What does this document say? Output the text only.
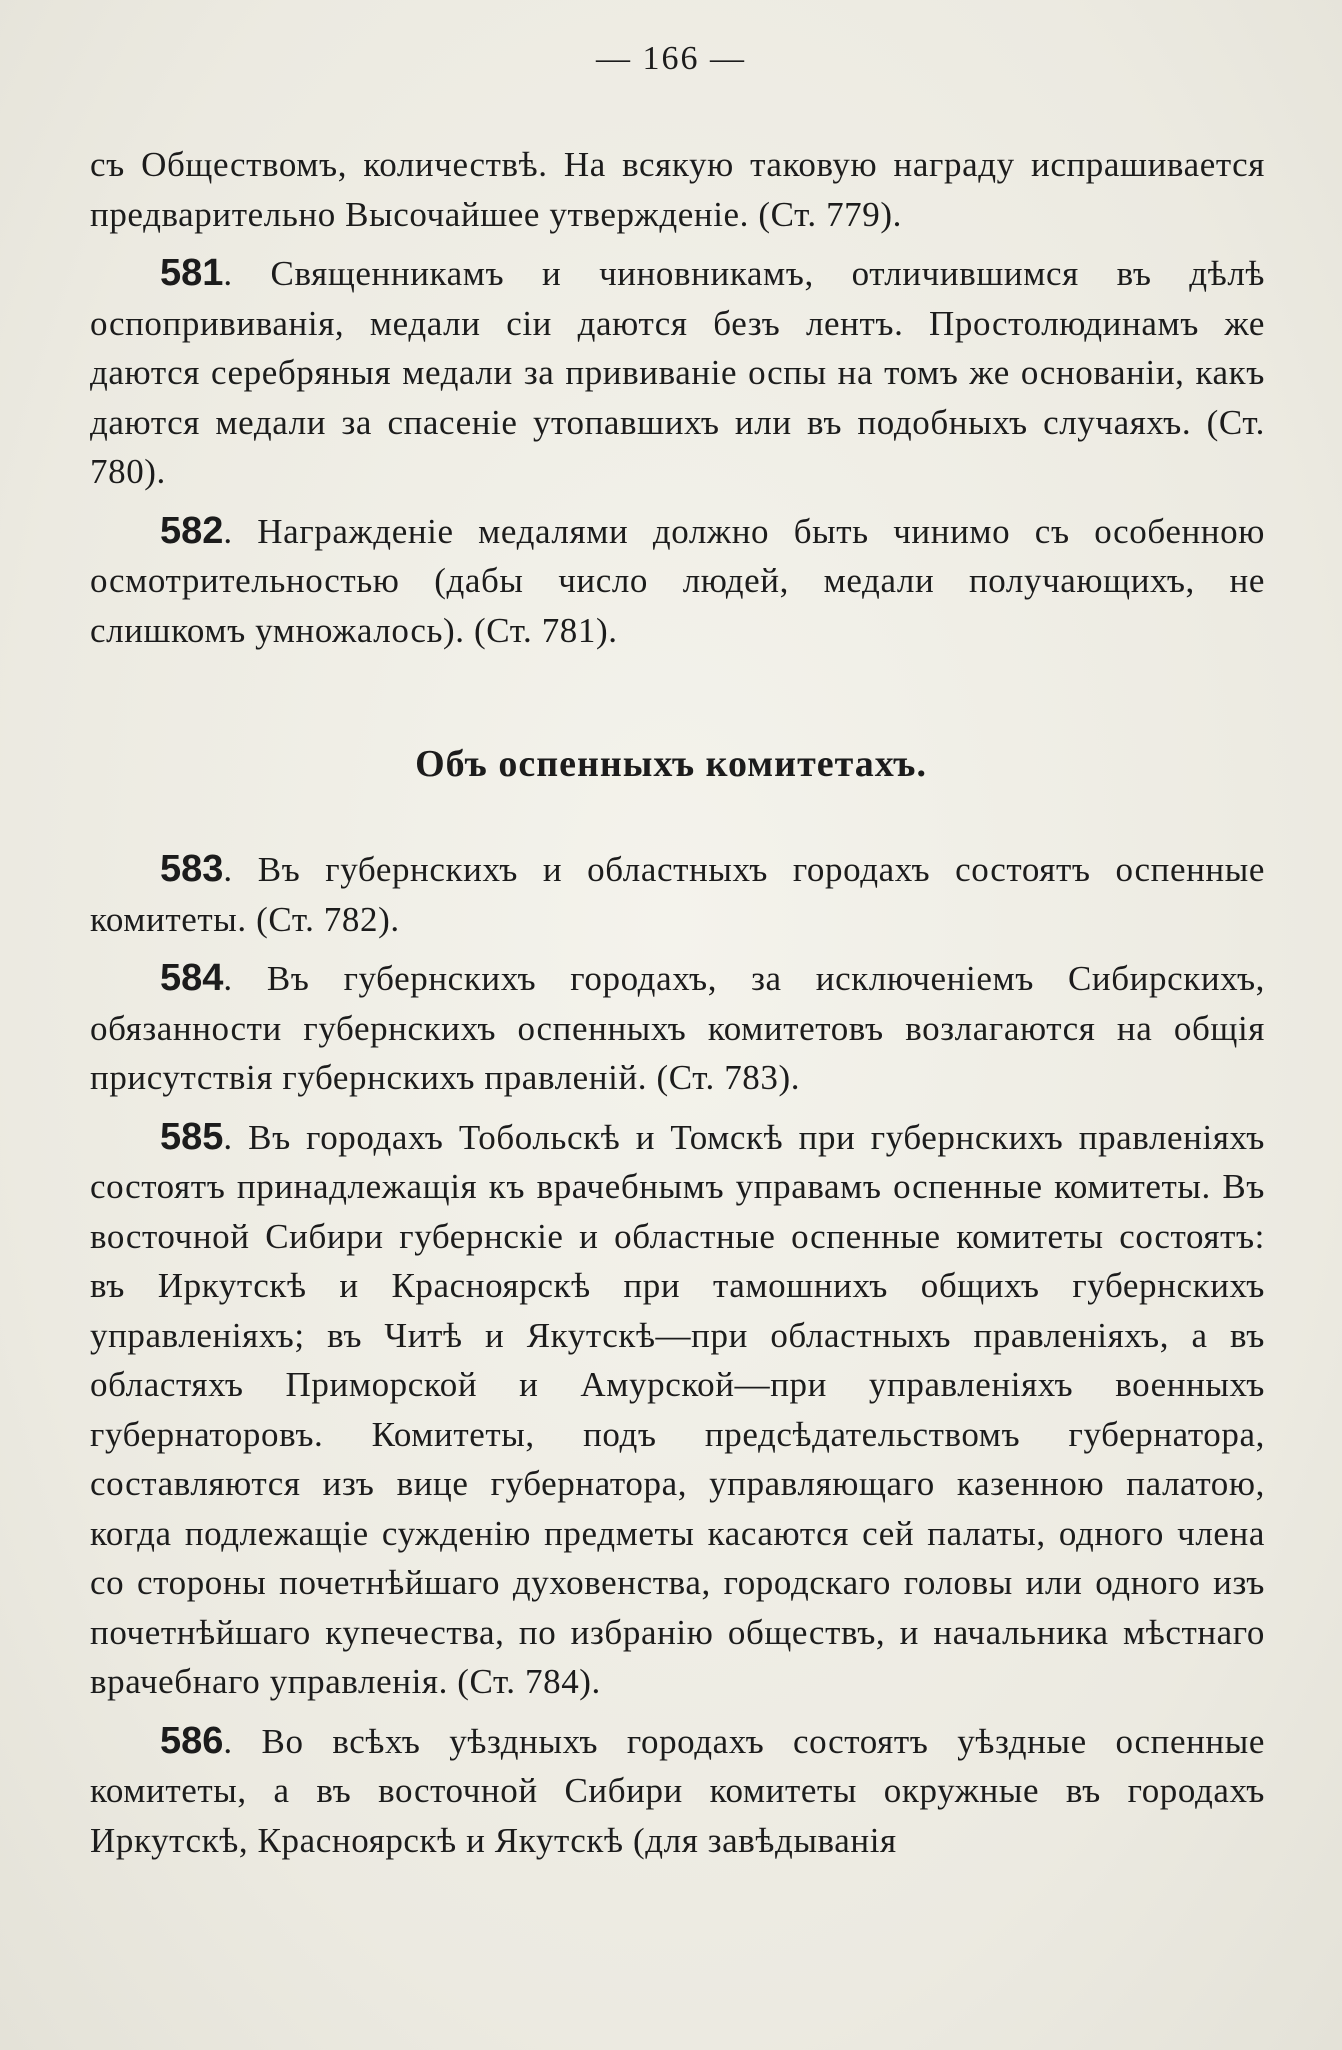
— 166 —

съ Обществомъ, количествѣ. На всякую таковую награду испрашивается предварительно Высочайшее утвержденіе. (Ст. 779).

581. Священникамъ и чиновникамъ, отличившимся въ дѣлѣ оспопрививанія, медали сіи даются безъ лентъ. Простолюдинамъ же даются серебряныя медали за прививаніе оспы на томъ же основаніи, какъ даются медали за спасеніе утопавшихъ или въ подобныхъ случаяхъ. (Ст. 780).

582. Награжденіе медалями должно быть чинимо съ особенною осмотрительностью (дабы число людей, медали получающихъ, не слишкомъ умножалось). (Ст. 781).

Объ оспенныхъ комитетахъ.

583. Въ губернскихъ и областныхъ городахъ состоятъ оспенные комитеты. (Ст. 782).

584. Въ губернскихъ городахъ, за исключеніемъ Сибирскихъ, обязанности губернскихъ оспенныхъ комитетовъ возлагаются на общія присутствія губернскихъ правленій. (Ст. 783).

585. Въ городахъ Тобольскѣ и Томскѣ при губернскихъ правленіяхъ состоятъ принадлежащія къ врачебнымъ управамъ оспенные комитеты. Въ восточной Сибири губернскіе и областные оспенные комитеты состоятъ: въ Иркутскѣ и Красноярскѣ при тамошнихъ общихъ губернскихъ управленіяхъ; въ Читѣ и Якутскѣ—при областныхъ правленіяхъ, а въ областяхъ Приморской и Амурской—при управленіяхъ военныхъ губернаторовъ. Комитеты, подъ предсѣдательствомъ губернатора, составляются изъ вице губернатора, управляющаго казенною палатою, когда подлежащіе сужденію предметы касаются сей палаты, одного члена со стороны почетнѣйшаго духовенства, городскаго головы или одного изъ почетнѣйшаго купечества, по избранію обществъ, и начальника мѣстнаго врачебнаго управленія. (Ст. 784).

586. Во всѣхъ уѣздныхъ городахъ состоятъ уѣздные оспенные комитеты, а въ восточной Сибири комитеты окружные въ городахъ Иркутскѣ, Красноярскѣ и Якутскѣ (для завѣдыванія
